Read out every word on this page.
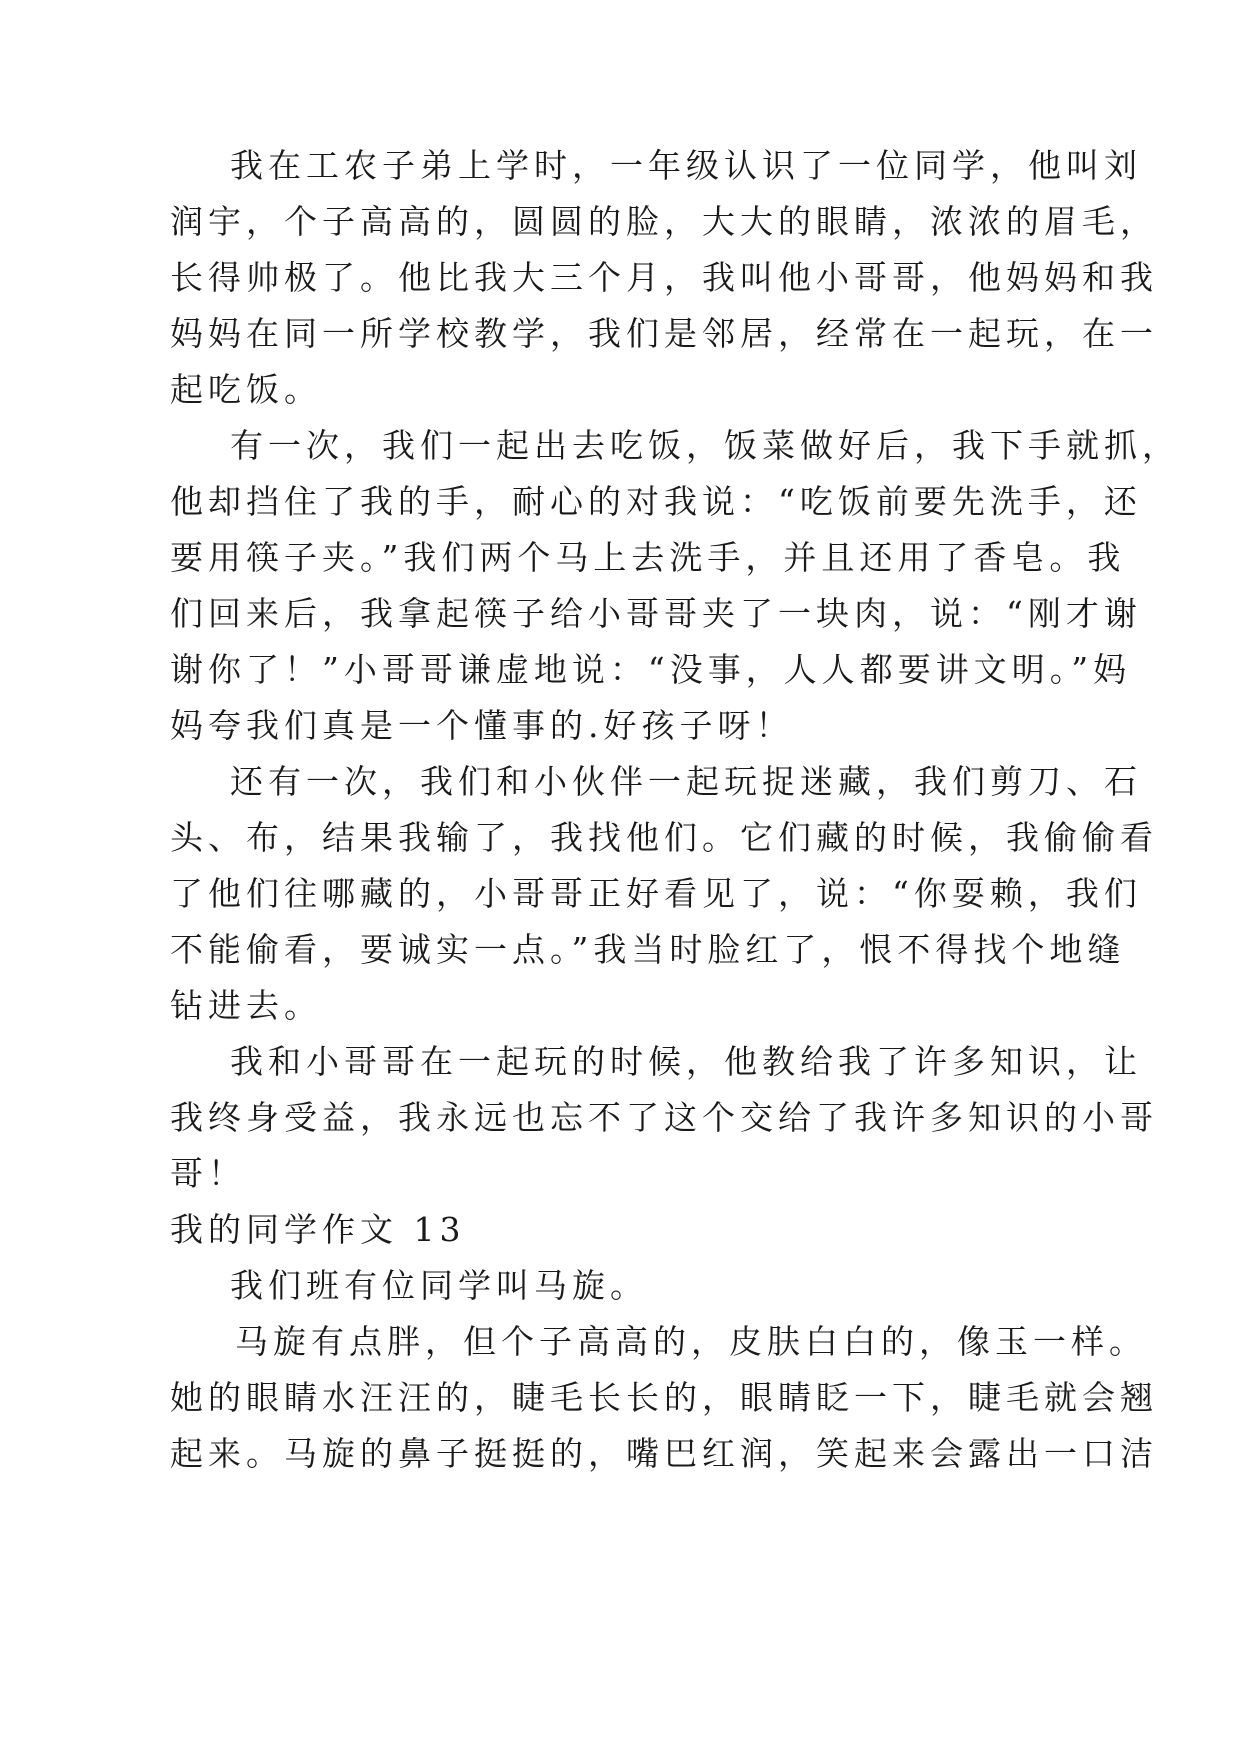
我在工农子弟上学时，一年级认识了一位同学，他叫刘
润宇，个子高高的，圆圆的脸，大大的眼睛，浓浓的眉毛，
长得帅极了。他比我大三个月，我叫他小哥哥，他妈妈和我
妈妈在同一所学校教学，我们是邻居，经常在一起玩，在一
起吃饭。
有一次，我们一起出去吃饭，饭菜做好后，我下手就抓，
他却挡住了我的手，耐心的对我说：“吃饭前要先洗手，还
要用筷子夹。”我们两个马上去洗手，并且还用了香皂。我
们回来后，我拿起筷子给小哥哥夹了一块肉，说：“刚才谢
谢你了！”小哥哥谦虚地说：“没事，人人都要讲文明。”妈
妈夸我们真是一个懂事的.好孩子呀！
还有一次，我们和小伙伴一起玩捉迷藏，我们剪刀、石
头、布，结果我输了，我找他们。它们藏的时候，我偷偷看
了他们往哪藏的，小哥哥正好看见了，说：“你耍赖，我们
不能偷看，要诚实一点。”我当时脸红了，恨不得找个地缝
钻进去。
我和小哥哥在一起玩的时候，他教给我了许多知识，让
我终身受益，我永远也忘不了这个交给了我许多知识的小哥
哥！
我的同学作文 13
我们班有位同学叫马旋。
马旋有点胖，但个子高高的，皮肤白白的，像玉一样。
她的眼睛水汪汪的，睫毛长长的，眼睛眨一下，睫毛就会翘
起来。马旋的鼻子挺挺的，嘴巴红润，笑起来会露出一口洁
